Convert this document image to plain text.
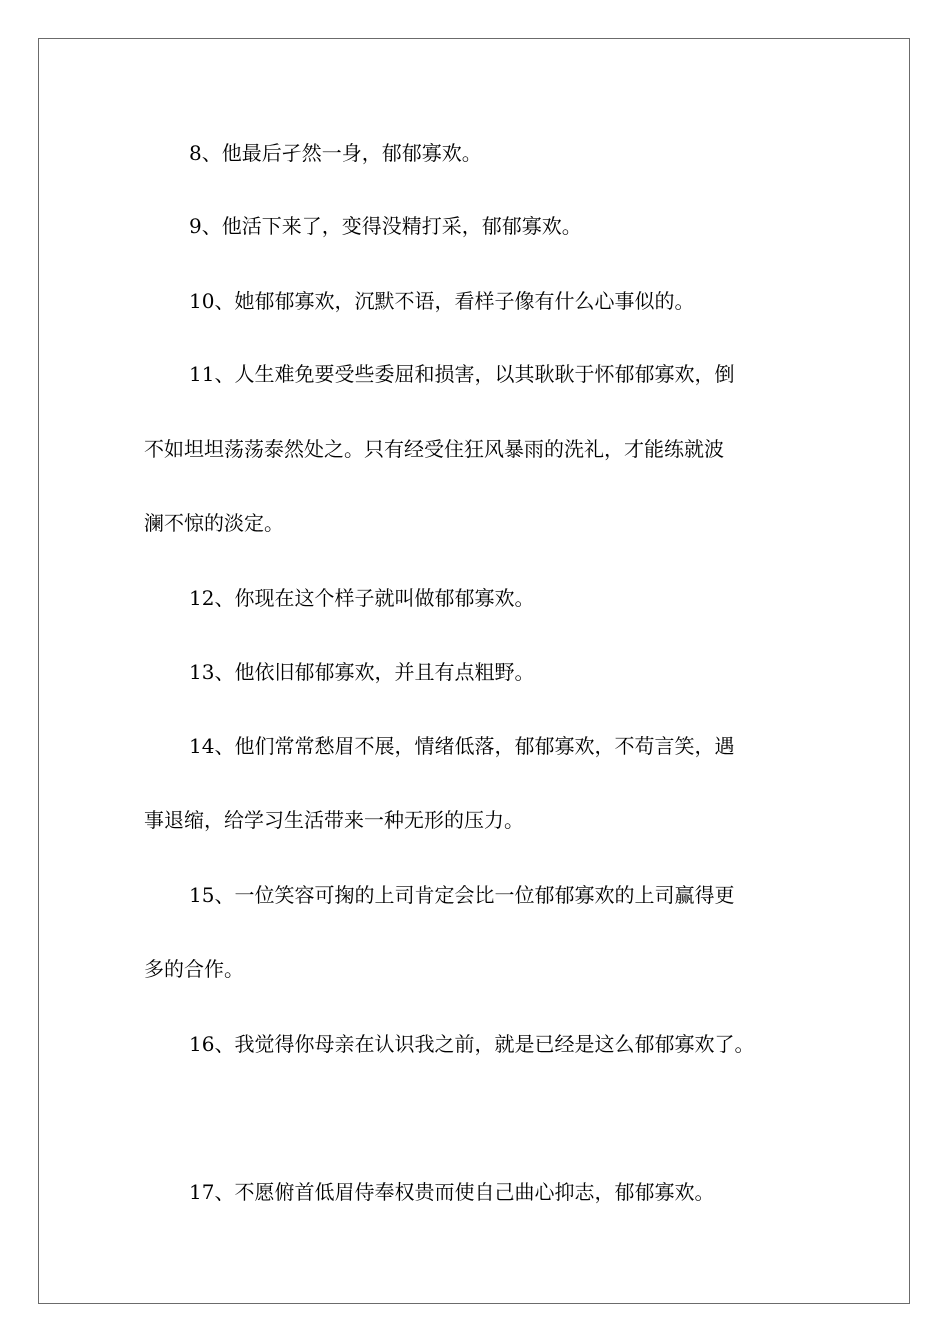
8、他最后孑然一身，郁郁寡欢。
9、他活下来了，变得没精打采，郁郁寡欢。
10、她郁郁寡欢，沉默不语，看样子像有什么心事似的。
11、人生难免要受些委屈和损害，以其耿耿于怀郁郁寡欢，倒
不如坦坦荡荡泰然处之。只有经受住狂风暴雨的洗礼，才能练就波
澜不惊的淡定。
12、你现在这个样子就叫做郁郁寡欢。
13、他依旧郁郁寡欢，并且有点粗野。
14、他们常常愁眉不展，情绪低落，郁郁寡欢，不苟言笑，遇
事退缩，给学习生活带来一种无形的压力。
15、一位笑容可掬的上司肯定会比一位郁郁寡欢的上司赢得更
多的合作。
16、我觉得你母亲在认识我之前，就是已经是这么郁郁寡欢了。
17、不愿俯首低眉侍奉权贵而使自己曲心抑志，郁郁寡欢。
